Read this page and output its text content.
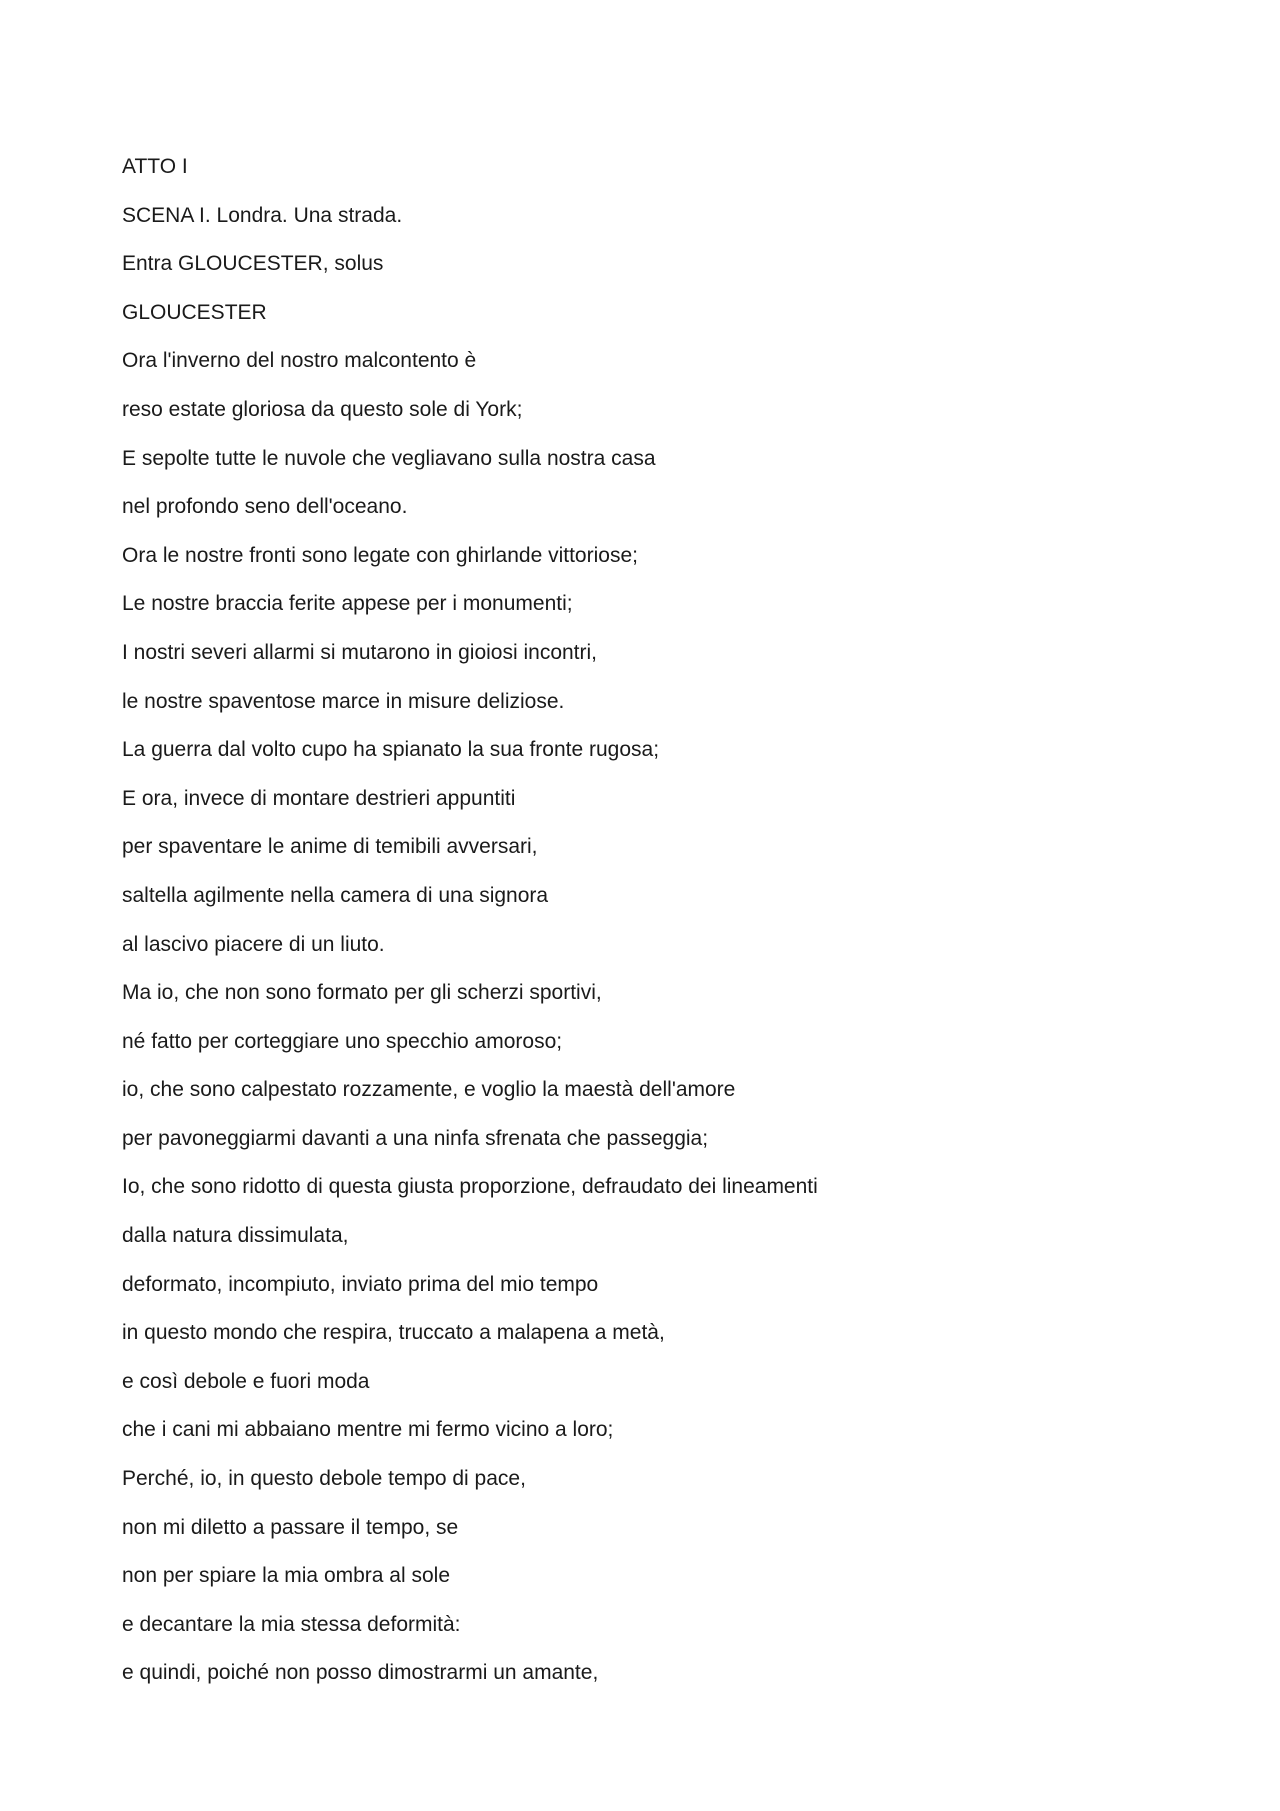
ATTO I

SCENA I. Londra. Una strada.

Entra GLOUCESTER, solus

GLOUCESTER

Ora l'inverno del nostro malcontento è

reso estate gloriosa da questo sole di York;

E sepolte tutte le nuvole che vegliavano sulla nostra casa

nel profondo seno dell'oceano.

Ora le nostre fronti sono legate con ghirlande vittoriose;

Le nostre braccia ferite appese per i monumenti;

I nostri severi allarmi si mutarono in gioiosi incontri,

le nostre spaventose marce in misure deliziose.

La guerra dal volto cupo ha spianato la sua fronte rugosa;

E ora, invece di montare destrieri appuntiti

per spaventare le anime di temibili avversari,

saltella agilmente nella camera di una signora

al lascivo piacere di un liuto.

Ma io, che non sono formato per gli scherzi sportivi,

né fatto per corteggiare uno specchio amoroso;

io, che sono calpestato rozzamente, e voglio la maestà dell'amore

per pavoneggiarmi davanti a una ninfa sfrenata che passeggia;

Io, che sono ridotto di questa giusta proporzione, defraudato dei lineamenti

dalla natura dissimulata,

deformato, incompiuto, inviato prima del mio tempo

in questo mondo che respira, truccato a malapena a metà,

e così debole e fuori moda

che i cani mi abbaiano mentre mi fermo vicino a loro;

Perché, io, in questo debole tempo di pace,

non mi diletto a passare il tempo, se

non per spiare la mia ombra al sole

e decantare la mia stessa deformità:

e quindi, poiché non posso dimostrarmi un amante,
